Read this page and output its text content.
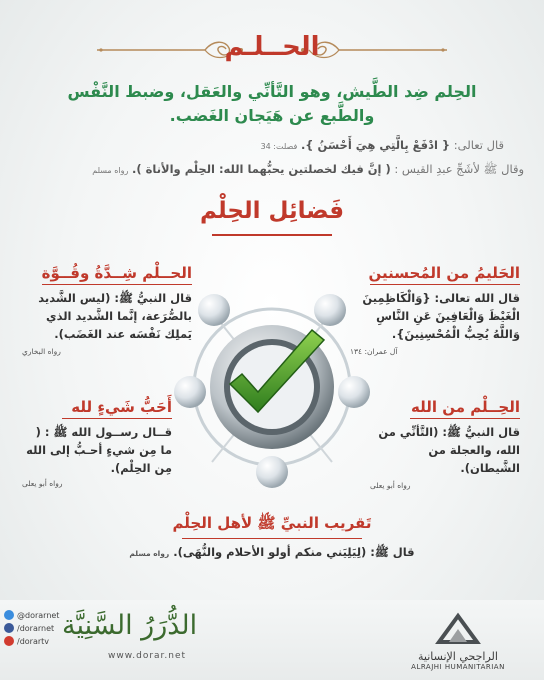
الحــلـم
الحِلم ضِد الطَّيش، وهو التَّأنِّي والعَقل، وضبط النَّفْس
والطَّبع عن هَيَجان الغَضب.
قال تعالى: { ادْفَعْ بِالَّتِي هِيَ أَحْسَنُ }. فصلت: 34
وقال ﷺ لأشَجِّ عبدِ القيس : ( إنَّ فيك لخصلتين يحبُّهما الله: الحِلْم والأناة ). رواه مسلم
فَضائِل الحِلْم
الحَليمُ من المُحسنين
قال الله تعالى: {وَالْكَاظِمِينَ الْغَيْظَ وَالْعَافِينَ عَنِ النَّاسِ وَاللَّهُ يُحِبُّ الْمُحْسِنِينَ}.
آل عمران: ١٣٤
الحــلْم شِــدَّةُ وقُــوَّة
قال النبيُّ ﷺ: (ليس الشَّديد بالصُّرَعة، إنَّما الشَّديد الذي يَملِك نَفْسَه عند الغَضَب).
رواه البخاري
الحِــلْم من الله
قال النبيُّ ﷺ: (التَّأنِّي من الله، والعجلة من الشَّيطان).
رواه أبو يعلى
أَحَبُّ شَيءٍ لله
قــال رســول الله ﷺ : ( ما مِن شيءٍ أحـبُّ إلى الله مِن الحِلْم).
رواه أبو يعلى
تَقريب النبيِّ ﷺ لأهل الحِلْم
قال ﷺ: (لِيَلِيَني منكم أولو الأحلام والنُّهَى). رواه مسلم
@dorarnet
/dorarnet
/dorartv الدُّرَرُ السَّنِيَّة
www.dorar.net	الراجحي الإنسانية
ALRAJHI HUMANITARIAN
